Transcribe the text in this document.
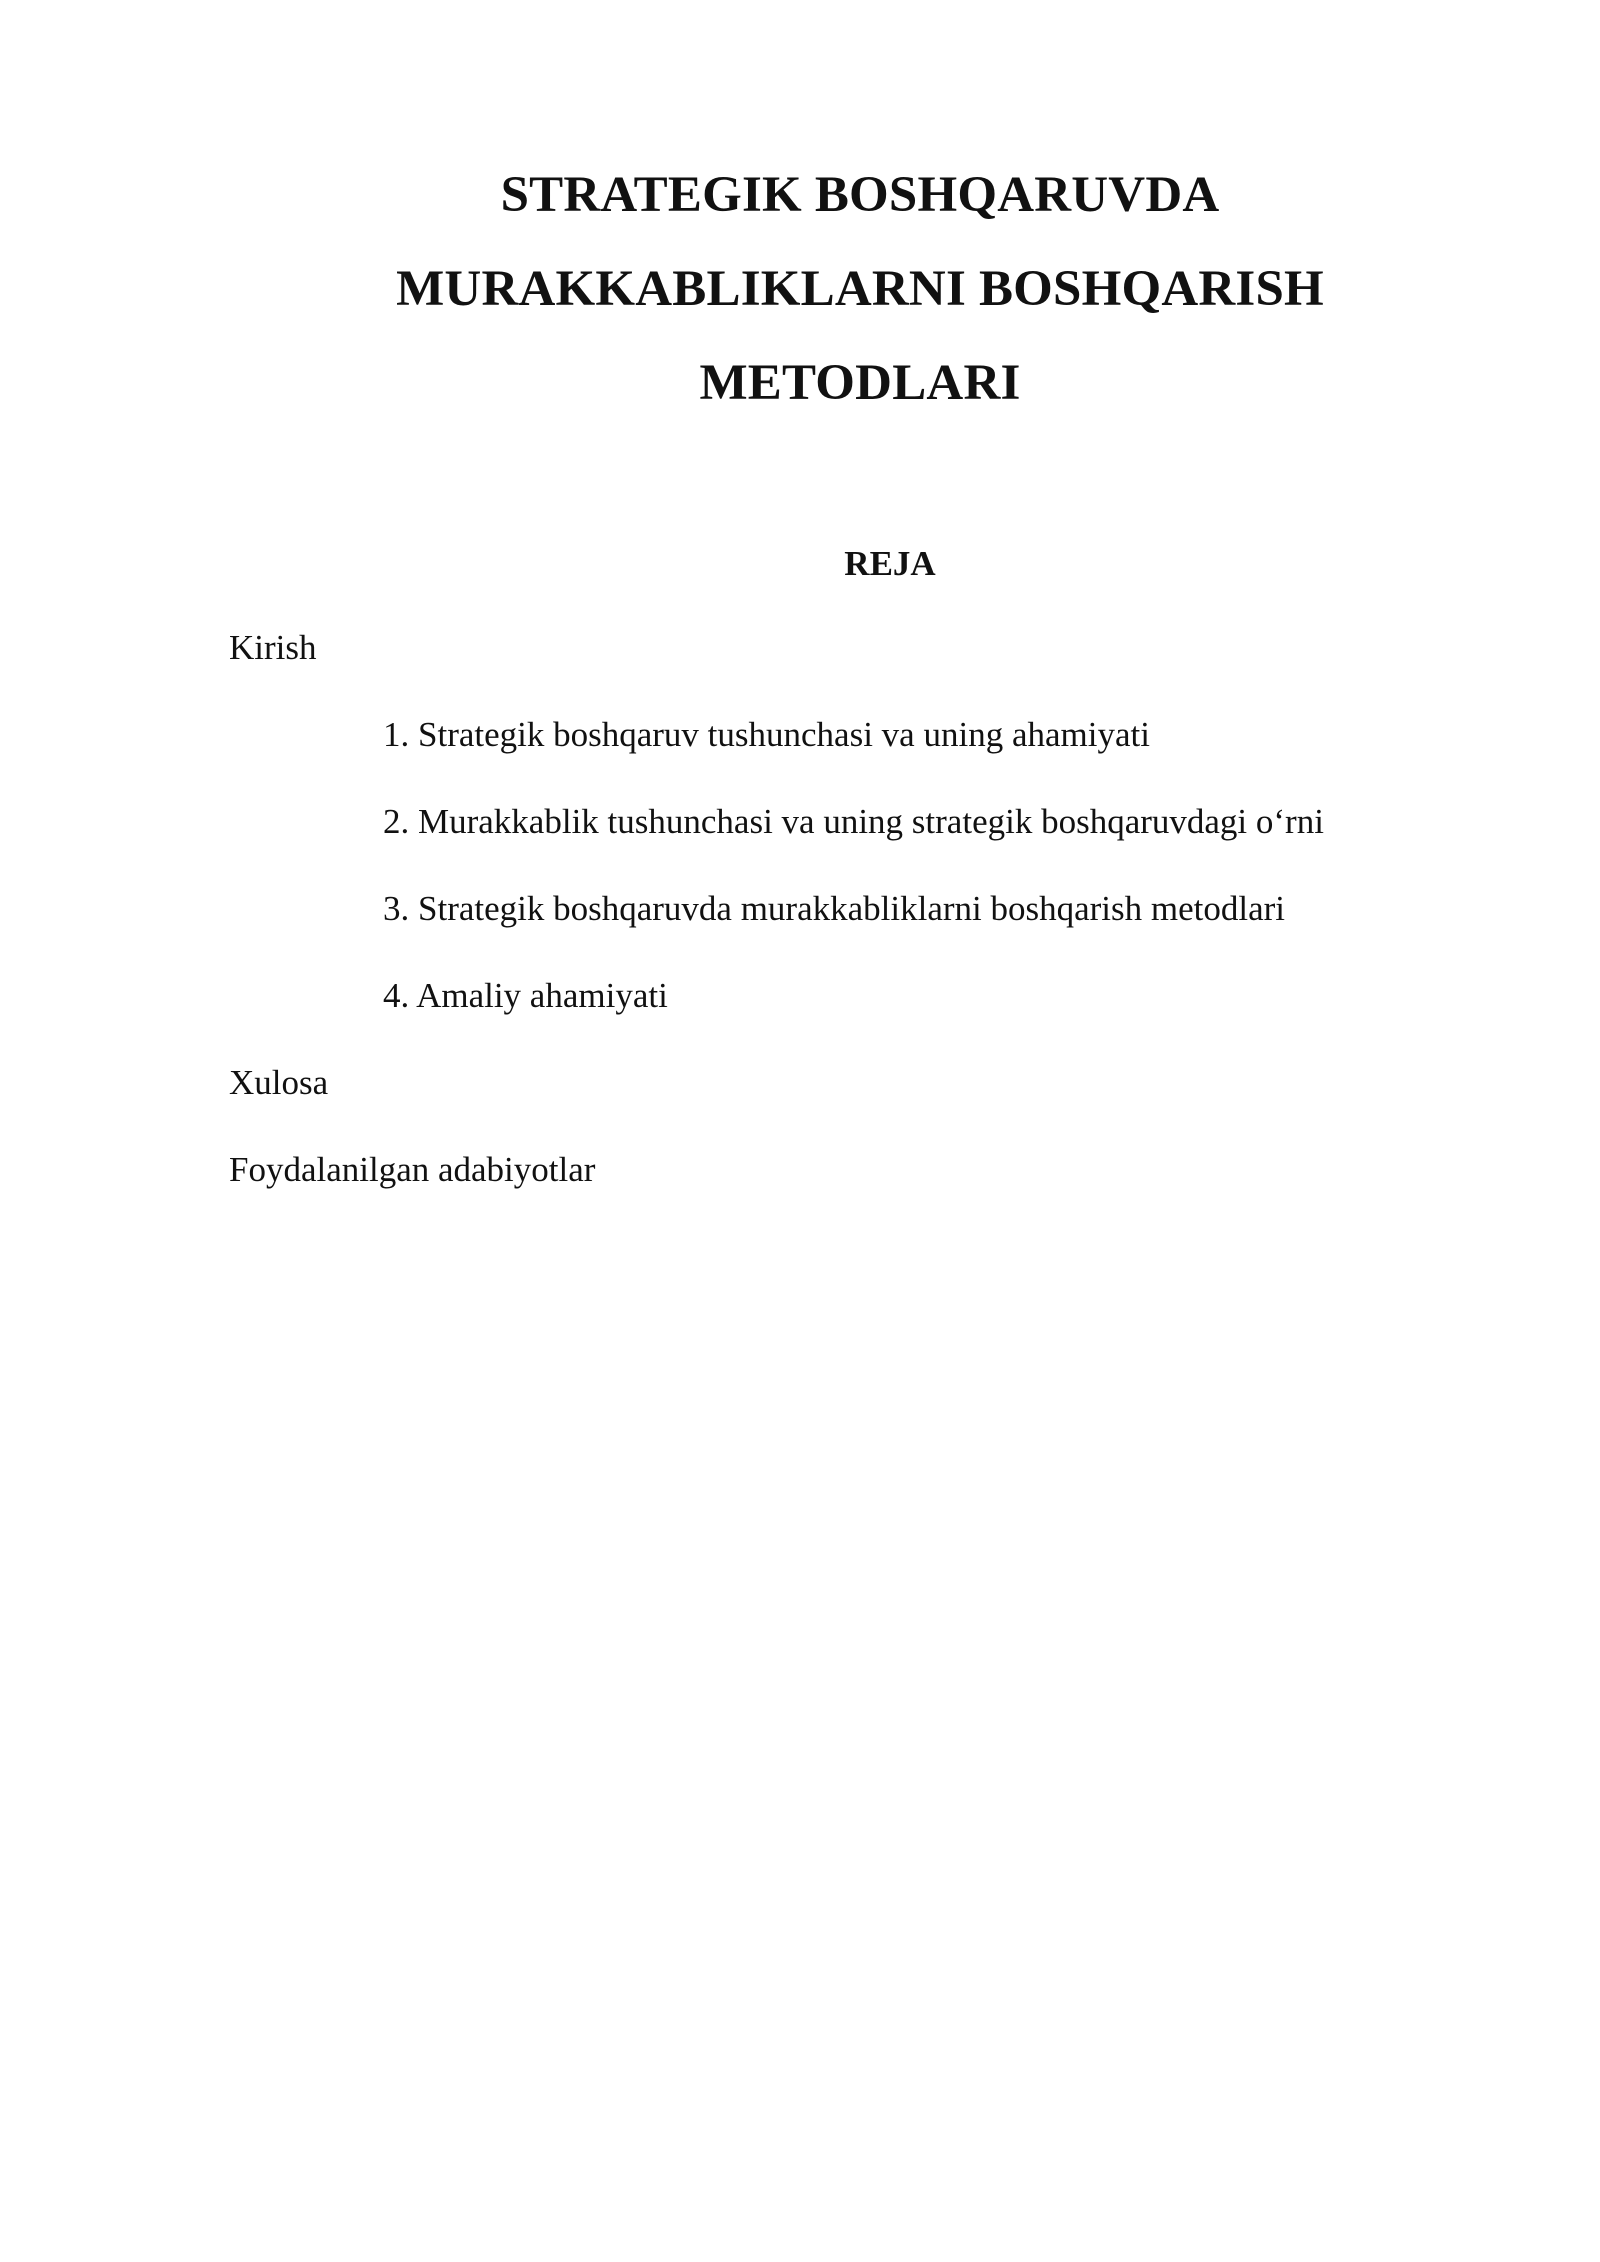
STRATEGIK BOSHQARUVDA
MURAKKABLIKLARNI BOSHQARISH
METODLARI
REJA
Kirish
1. Strategik boshqaruv tushunchasi va uning ahamiyati
2. Murakkablik tushunchasi va uning strategik boshqaruvdagi o‘rni
3. Strategik boshqaruvda murakkabliklarni boshqarish metodlari
4. Amaliy ahamiyati
Xulosa
Foydalanilgan adabiyotlar
